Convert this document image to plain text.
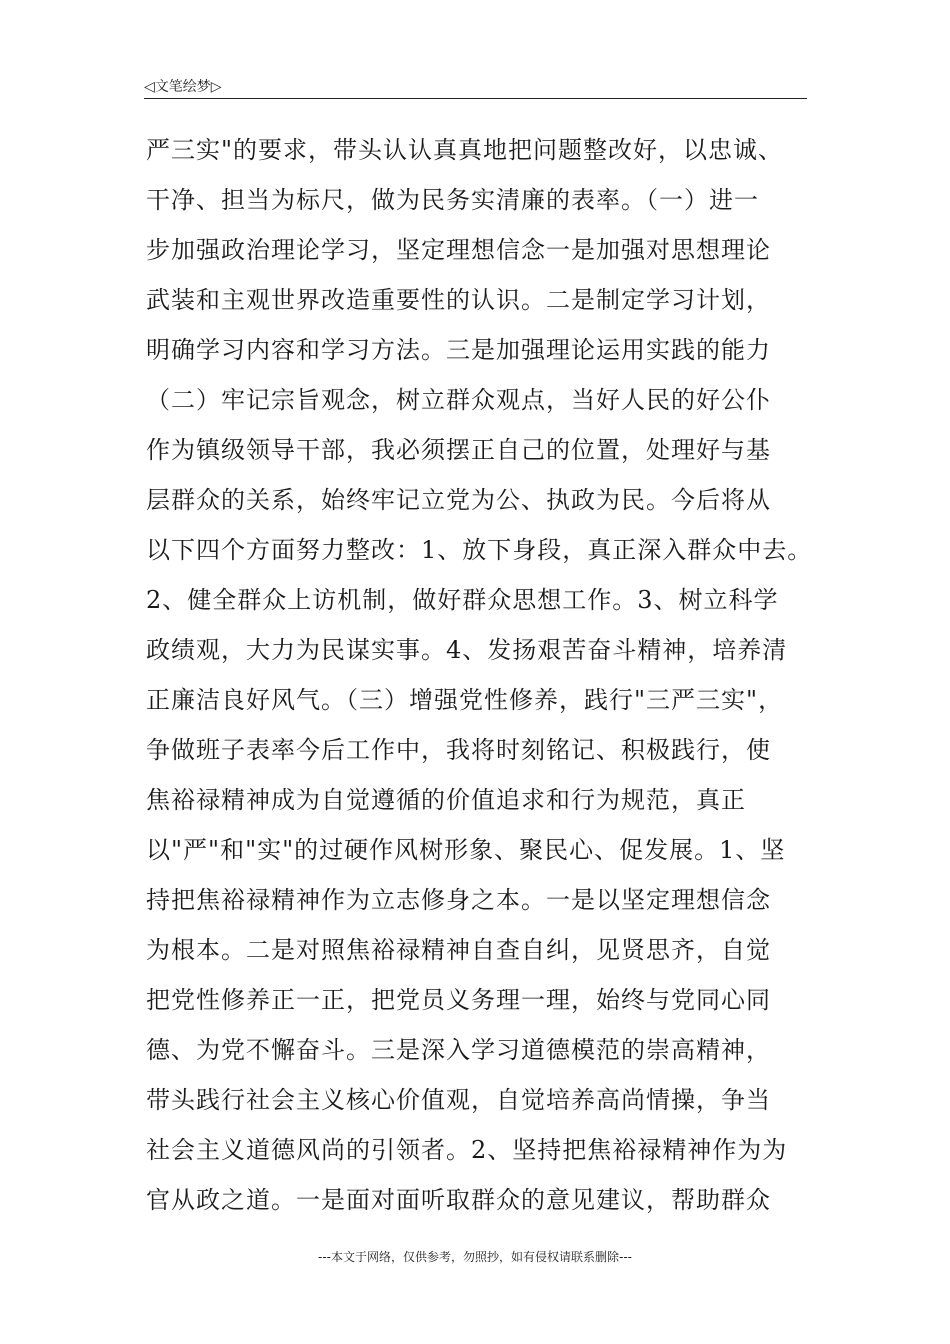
◁文笔绘梦▷
严三实"的要求，带头认认真真地把问题整改好，以忠诚、
干净、担当为标尺，做为民务实清廉的表率。（一）进一
步加强政治理论学习，坚定理想信念一是加强对思想理论
武装和主观世界改造重要性的认识。二是制定学习计划，
明确学习内容和学习方法。三是加强理论运用实践的能力
（二）牢记宗旨观念，树立群众观点，当好人民的好公仆
作为镇级领导干部，我必须摆正自己的位置，处理好与基
层群众的关系，始终牢记立党为公、执政为民。今后将从
以下四个方面努力整改：1、放下身段，真正深入群众中去。
2、健全群众上访机制，做好群众思想工作。3、树立科学
政绩观，大力为民谋实事。4、发扬艰苦奋斗精神，培养清
正廉洁良好风气。（三）增强党性修养，践行"三严三实"，
争做班子表率今后工作中，我将时刻铭记、积极践行，使
焦裕禄精神成为自觉遵循的价值追求和行为规范，真正
以"严"和"实"的过硬作风树形象、聚民心、促发展。1、坚
持把焦裕禄精神作为立志修身之本。一是以坚定理想信念
为根本。二是对照焦裕禄精神自查自纠，见贤思齐，自觉
把党性修养正一正，把党员义务理一理，始终与党同心同
德、为党不懈奋斗。三是深入学习道德模范的崇高精神，
带头践行社会主义核心价值观，自觉培养高尚情操，争当
社会主义道德风尚的引领者。2、坚持把焦裕禄精神作为为
官从政之道。一是面对面听取群众的意见建议，帮助群众
---本文于网络，仅供参考，勿照抄，如有侵权请联系删除---
